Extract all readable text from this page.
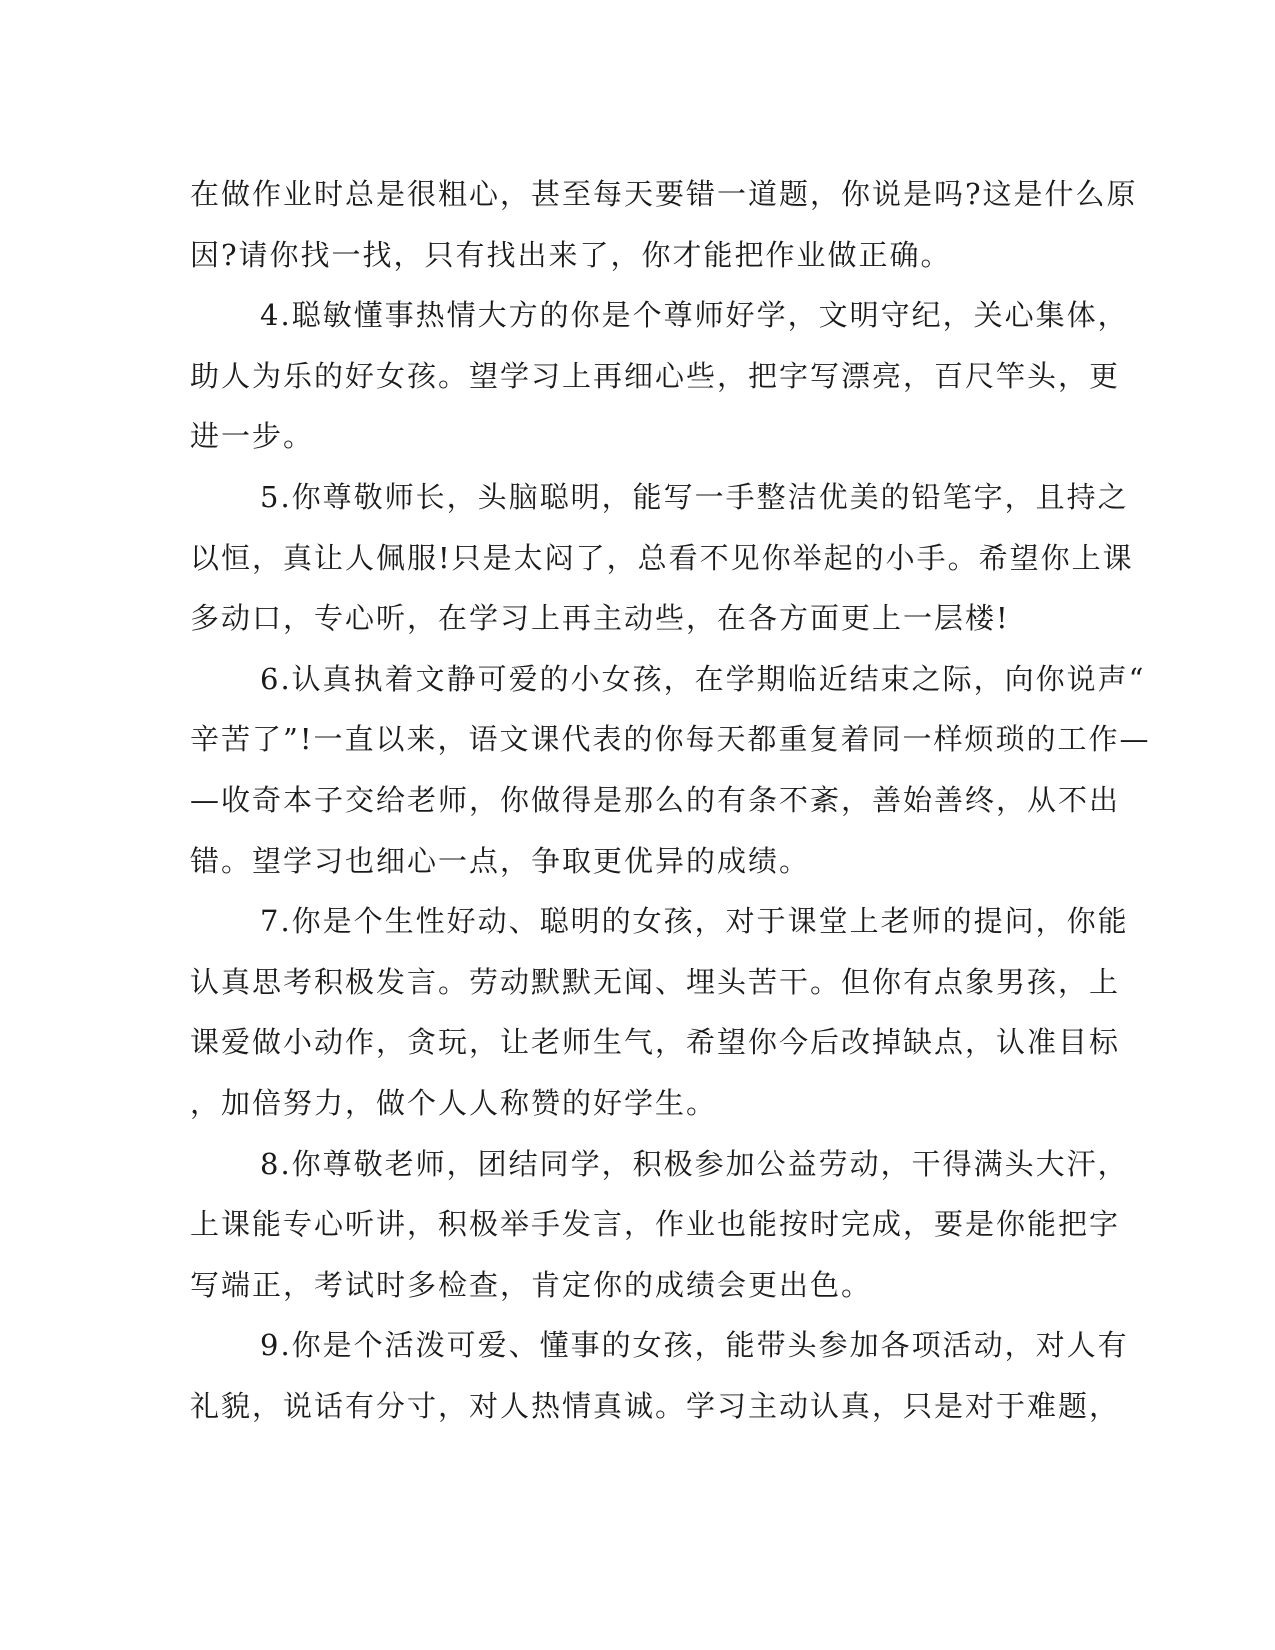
在做作业时总是很粗心，甚至每天要错一道题，你说是吗?这是什么原
因?请你找一找，只有找出来了，你才能把作业做正确。
4.聪敏懂事热情大方的你是个尊师好学，文明守纪，关心集体，
助人为乐的好女孩。望学习上再细心些，把字写漂亮，百尺竿头，更
进一步。
5.你尊敬师长，头脑聪明，能写一手整洁优美的铅笔字，且持之
以恒，真让人佩服!只是太闷了，总看不见你举起的小手。希望你上课
多动口，专心听，在学习上再主动些，在各方面更上一层楼!
6.认真执着文静可爱的小女孩，在学期临近结束之际，向你说声“
辛苦了”!一直以来，语文课代表的你每天都重复着同一样烦琐的工作—
—收奇本子交给老师，你做得是那么的有条不紊，善始善终，从不出
错。望学习也细心一点，争取更优异的成绩。
7.你是个生性好动、聪明的女孩，对于课堂上老师的提问，你能
认真思考积极发言。劳动默默无闻、埋头苦干。但你有点象男孩，上
课爱做小动作，贪玩，让老师生气，希望你今后改掉缺点，认准目标
，加倍努力，做个人人称赞的好学生。
8.你尊敬老师，团结同学，积极参加公益劳动，干得满头大汗，
上课能专心听讲，积极举手发言，作业也能按时完成，要是你能把字
写端正，考试时多检查，肯定你的成绩会更出色。
9.你是个活泼可爱、懂事的女孩，能带头参加各项活动，对人有
礼貌，说话有分寸，对人热情真诚。学习主动认真，只是对于难题，
